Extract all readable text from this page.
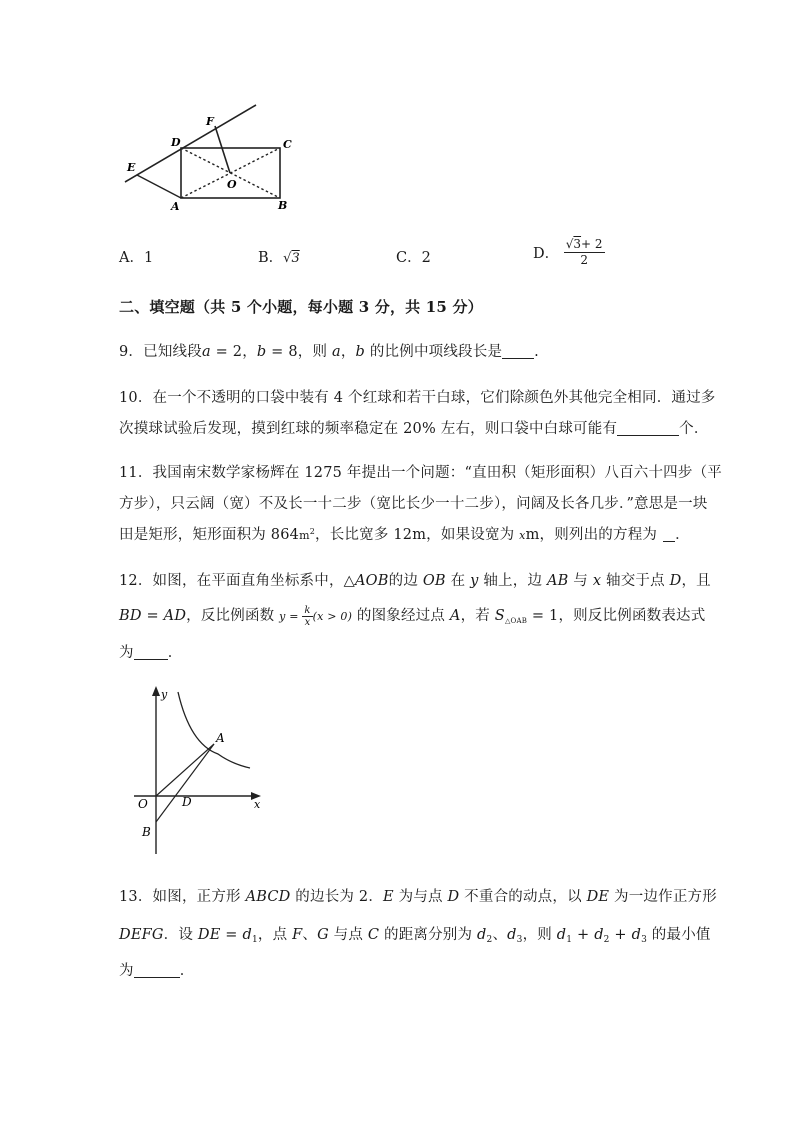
D
F
C
E
O
A	B
A．1	B．√3	C．2	D． $\frac{√3+ 2}{2}$
二、填空题（共 5 个小题，每小题 3 分，共 15 分）
9．已知线段a = 2，b = 8，则 a，b 的比例中项线段长是 .
10．在一个不透明的口袋中装有 4 个红球和若干白球，它们除颜色外其他完全相同．通过多
次摸球试验后发现，摸到红球的频率稳定在 20% 左右，则口袋中白球可能有	个．
11．我国南宋数学家杨辉在 1275 年提出一个问题：“直田积（矩形面积）八百六十四步（平
方步），只云阔（宽）不及长一十二步（宽比长少一十二步），问阔及长各几步．”意思是一块
田是矩形，矩形面积为 $864m^2$，长比宽多 12m，如果设宽为 xm，则列出的方程为 ．
12．如图，在平面直角坐标系中，△AOB的边 OB 在 y 轴上，边 AB 与 x 轴交于点 D，且
BD = AD，反比例函数 $y = \frac{k}{x} (x > 0)$ 的图象经过点 A，若 $S_{\triangle OAB} = 1$，则反比例函数表达式
为 ．
y
x
A
O	D
B
13．如图，正方形 ABCD 的边长为 2．E 为与点 D 不重合的动点，以 DE 为一边作正方形
DEFG．设 DE = $d_1$，点 F、G 与点 C 的距离分别为 $d_2$、$d_3$，则 $d_1 + d_2 + d_3$ 的最小值
为	．
